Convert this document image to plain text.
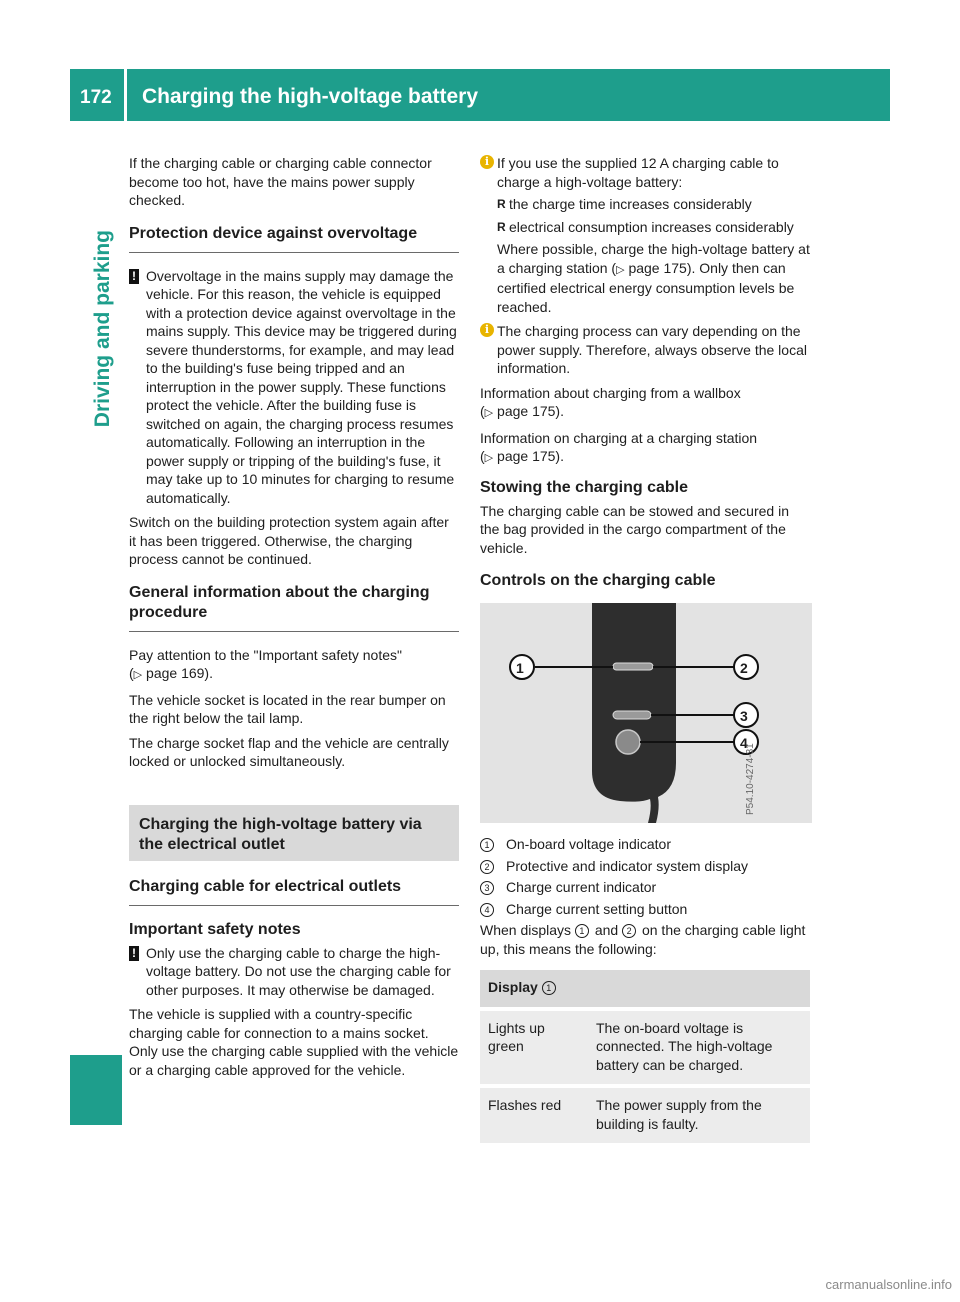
172 Charging the high-voltage battery
Driving and parking

If the charging cable or charging cable connector become too hot, have the mains power supply checked.

Protection device against overvoltage
! Overvoltage in the mains supply may damage the vehicle. For this reason, the vehicle is equipped with a protection device against overvoltage in the mains supply. This device may be triggered during severe thunderstorms, for example, and may lead to the building's fuse being tripped and an interruption in the power supply. These functions protect the vehicle. After the building fuse is switched on again, the charging process resumes automatically. Following an interruption in the power supply or tripping of the building's fuse, it may take up to 10 minutes for charging to resume automatically.

Switch on the building protection system again after it has been triggered. Otherwise, the charging process cannot be continued.

General information about the charging procedure

Pay attention to the "Important safety notes"
(▷ page 169).

The vehicle socket is located in the rear bumper on the right below the tail lamp.

The charge socket flap and the vehicle are centrally locked or unlocked simultaneously.

Charging the high-voltage battery via the electrical outlet
Charging cable for electrical outlets
Important safety notes
! Only use the charging cable to charge the high-voltage battery. Do not use the charging cable for other purposes. It may otherwise be damaged.

The vehicle is supplied with a country-specific charging cable for connection to a mains socket. Only use the charging cable supplied with the vehicle or a charging cable approved for the vehicle.

i If you use the supplied 12 A charging cable to charge a high-voltage battery:
R the charge time increases considerably
R electrical consumption increases considerably
Where possible, charge the high-voltage battery at a charging station (▷ page 175). Only then can certified electrical energy consumption levels be reached.
i The charging process can vary depending on the power supply. Therefore, always observe the local information.

Information about charging from a wallbox
(▷ page 175).

Information on charging at a charging station
(▷ page 175).

Stowing the charging cable

The charging cable can be stowed and secured in the bag provided in the cargo compartment of the vehicle.

Controls on the charging cable
1	2
3
4
P54.10-4274-31
1	On-board voltage indicator
2	Protective and indicator system display
3	Charge current indicator
4	Charge current setting button

When displays 1 and 2 on the charging cable light up, this means the following:

Display 1	
Lights up green	The on-board voltage is connected. The high-voltage battery can be charged.
Flashes red	The power supply from the building is faulty.
carmanualsonline.info
